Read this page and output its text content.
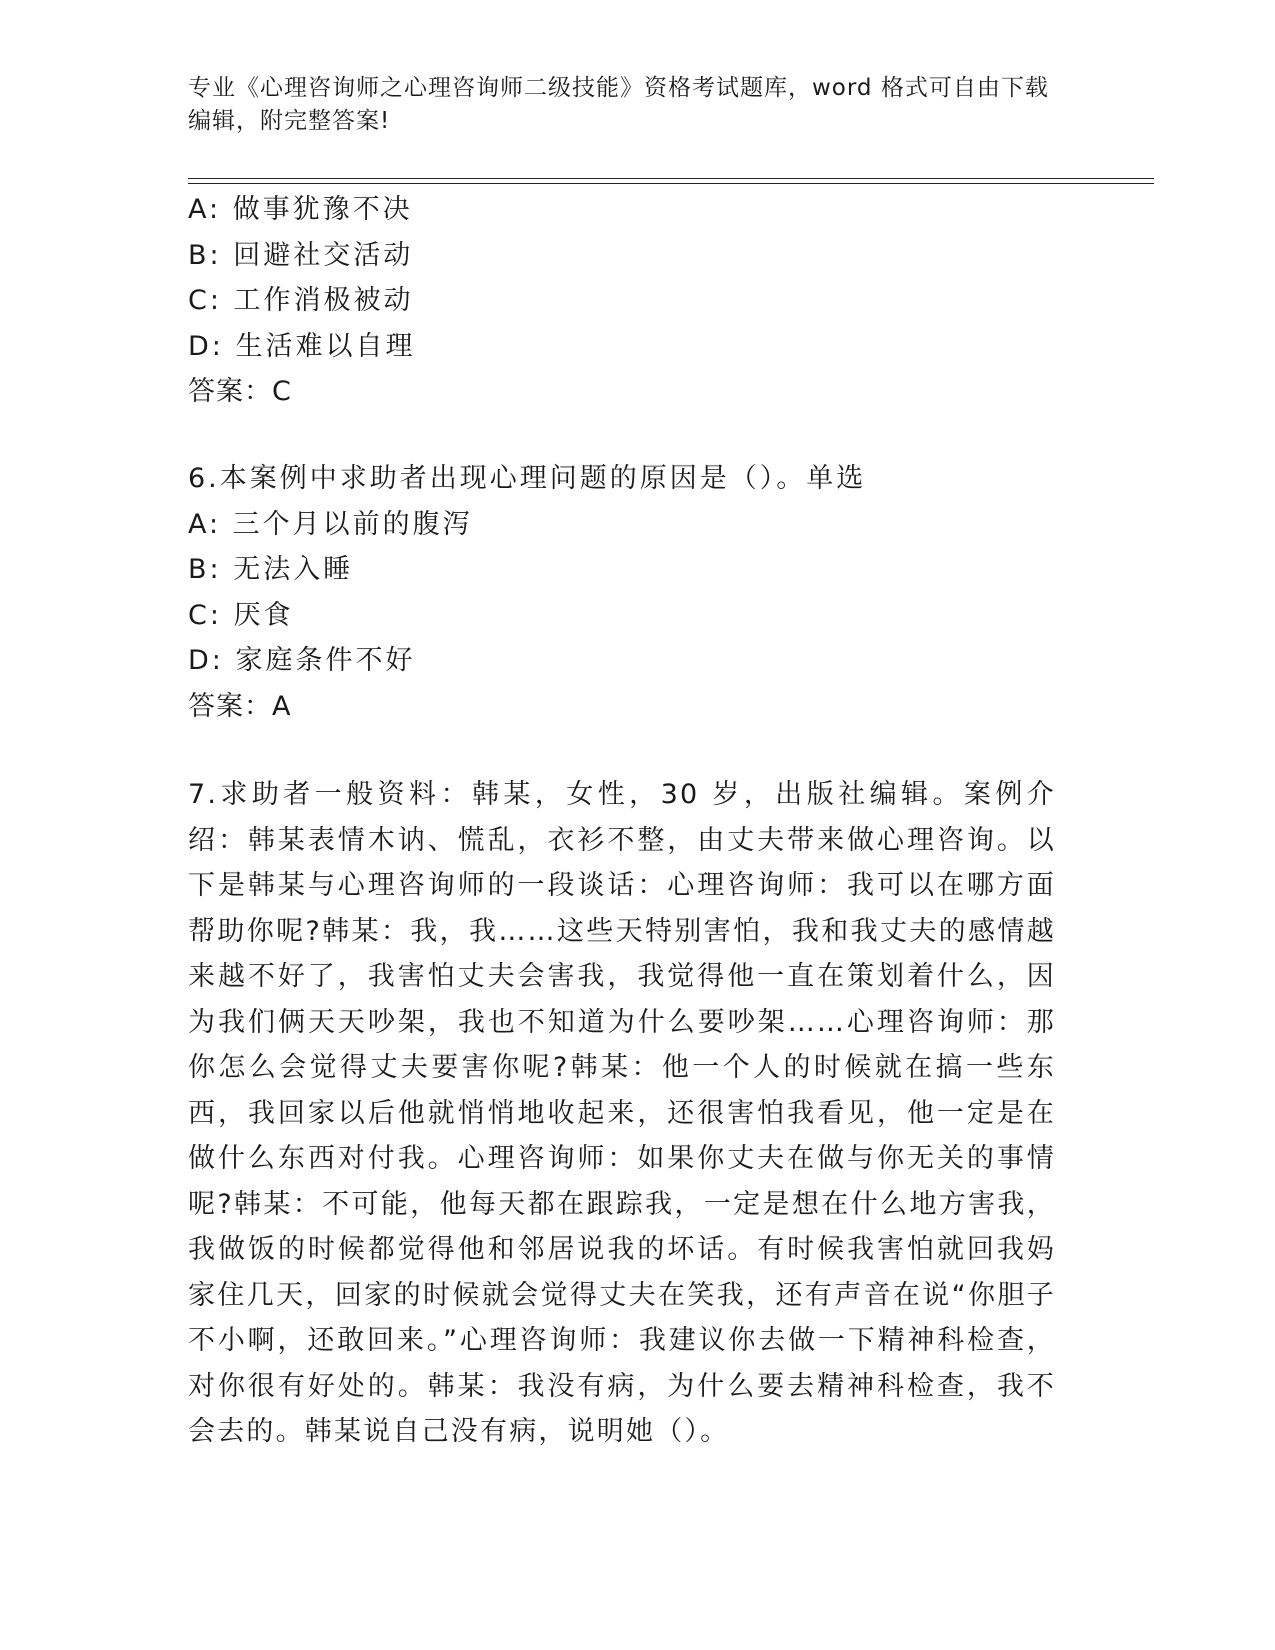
专业《心理咨询师之心理咨询师二级技能》资格考试题库，word 格式可自由下载
编辑，附完整答案!
A: 做事犹豫不决
B: 回避社交活动
C: 工作消极被动
D: 生活难以自理
答案：C
6.本案例中求助者出现心理问题的原因是（）。单选
A: 三个月以前的腹泻
B: 无法入睡
C: 厌食
D: 家庭条件不好
答案：A
7.求助者一般资料：韩某，女性，30 岁，出版社编辑。案例介绍：韩某表情木讷、慌乱，衣衫不整，由丈夫带来做心理咨询。以下是韩某与心理咨询师的一段谈话：心理咨询师：我可以在哪方面帮助你呢?韩某：我，我……这些天特别害怕，我和我丈夫的感情越来越不好了，我害怕丈夫会害我，我觉得他一直在策划着什么，因为我们俩天天吵架，我也不知道为什么要吵架……心理咨询师：那你怎么会觉得丈夫要害你呢?韩某：他一个人的时候就在搞一些东西，我回家以后他就悄悄地收起来，还很害怕我看见，他一定是在做什么东西对付我。心理咨询师：如果你丈夫在做与你无关的事情呢?韩某：不可能，他每天都在跟踪我，一定是想在什么地方害我，我做饭的时候都觉得他和邻居说我的坏话。有时候我害怕就回我妈家住几天，回家的时候就会觉得丈夫在笑我，还有声音在说“你胆子不小啊，还敢回来。”心理咨询师：我建议你去做一下精神科检查，对你很有好处的。韩某：我没有病，为什么要去精神科检查，我不会去的。韩某说自己没有病，说明她（）。
